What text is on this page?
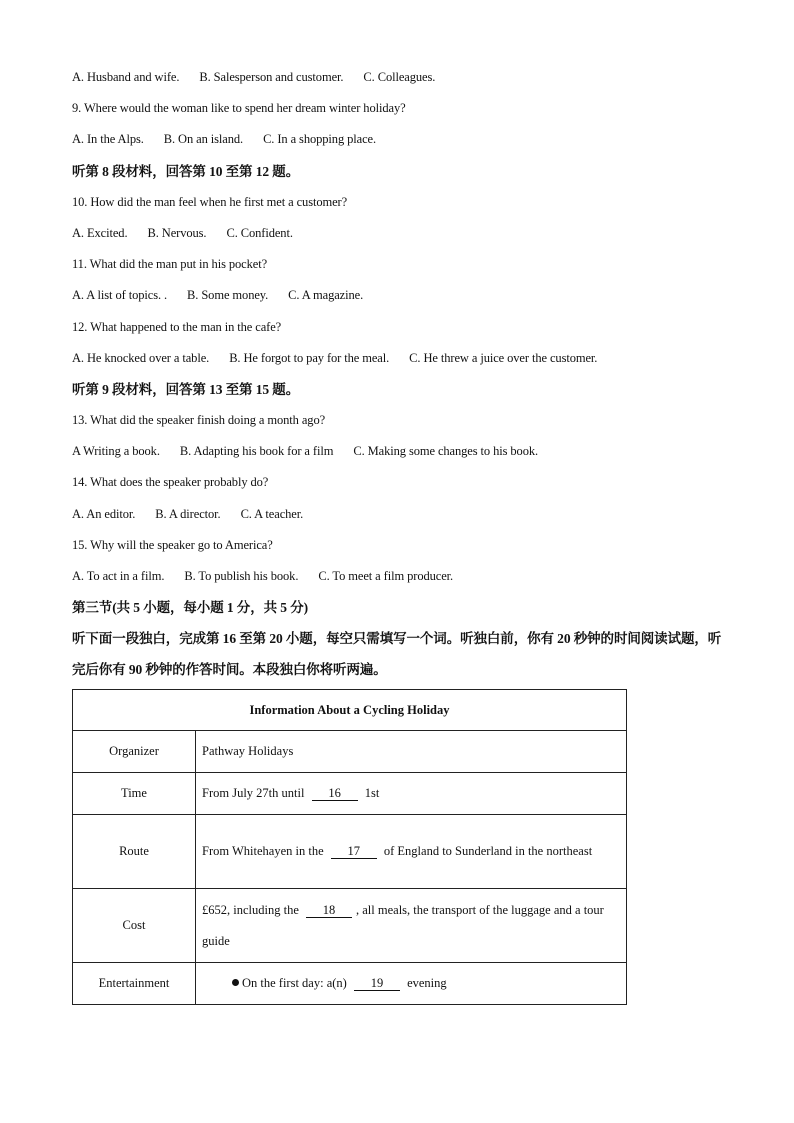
A. Husband and wife. B. Salesperson and customer. C. Colleagues.
9. Where would the woman like to spend her dream winter holiday?
A. In the Alps. B. On an island. C. In a shopping place.
听第 8 段材料，回答第 10 至第 12 题。
10. How did the man feel when he first met a customer?
A. Excited. B. Nervous. C. Confident.
11. What did the man put in his pocket?
A. A list of topics. . B. Some money. C. A magazine.
12. What happened to the man in the cafe?
A. He knocked over a table. B. He forgot to pay for the meal. C. He threw a juice over the customer.
听第 9 段材料，回答第 13 至第 15 题。
13. What did the speaker finish doing a month ago?
A Writing a book. B. Adapting his book for a film C. Making some changes to his book.
14. What does the speaker probably do?
A. An editor. B. A director. C. A teacher.
15. Why will the speaker go to America?
A. To act in a film. B. To publish his book. C. To meet a film producer.
第三节(共 5 小题，每小题 1 分，共 5 分)
听下面一段独白，完成第 16 至第 20 小题，每空只需填写一个词。听独白前，你有 20 秒钟的时间阅读试题，听完后你有 90 秒钟的作答时间。本段独白你将听两遍。
Information About a Cycling Holiday	
Organizer	Pathway Holidays
Time	From July 27th until 16 1st
Route	From Whitehayen in the 17 of England to Sunderland in the northeast
Cost	£652, including the 18 , all meals, the transport of the luggage and a tour guide
Entertainment	On the first day: a(n) 19 evening
